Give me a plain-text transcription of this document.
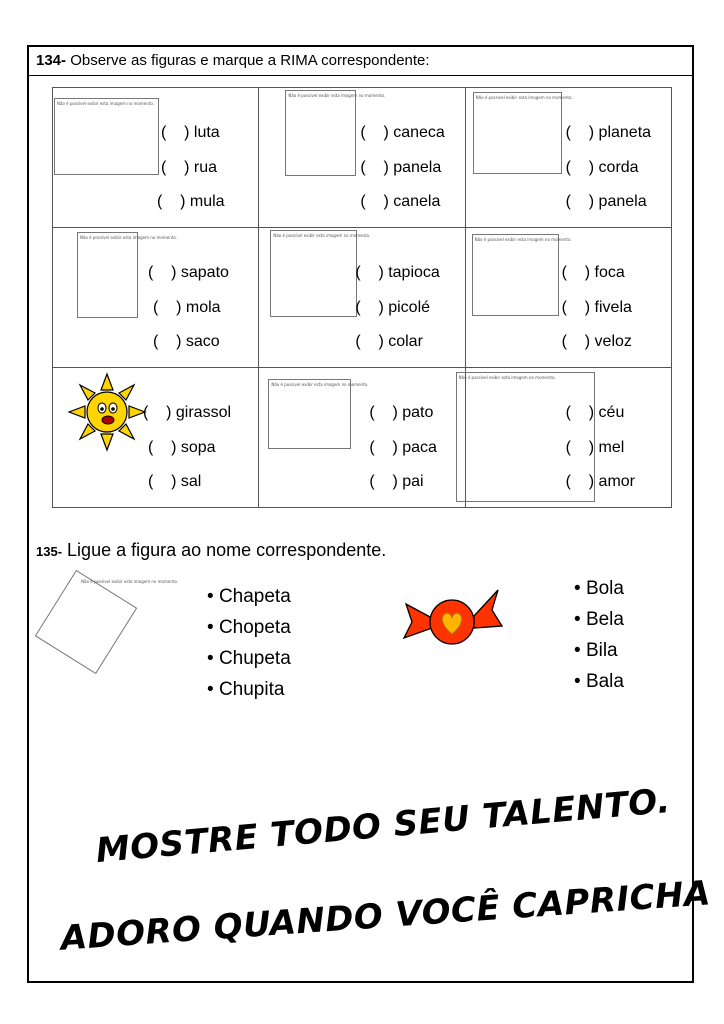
134- Observe as figuras e marque a RIMA correspondente:
Não é possível exibir esta imagem no momento.
(    ) luta
(    ) rua
(    ) mula	Não é possível exibir esta imagem no momento.
(    ) caneca
(    ) panela
(    ) canela	Não é possível exibir esta imagem no momento.
(    ) planeta
(    ) corda
(    ) panela

Não é possível exibir esta imagem no momento.
(    ) sapato
(    ) mola
(    ) saco	Não é possível exibir esta imagem no momento.
(    ) tapioca
(    ) picolé
(    ) colar	Não é possível exibir esta imagem no momento.
(    ) foca
(    ) fivela
(    ) veloz

(    ) girassol
(    ) sopa
(    ) sal	Não é possível exibir esta imagem no momento.
(    ) pato
(    ) paca
(    ) pai	Não é possível exibir esta imagem no momento.
(    ) céu
(    ) mel
(    ) amor
135- Ligue a figura ao nome correspondente.
Não é possível exibir esta imagem no momento.
• Chapeta
• Chopeta
• Chupeta
• Chupita
• Bola
• Bela
• Bila
• Bala
MOSTRE TODO SEU TALENTO.
ADORO QUANDO VOCÊ CAPRICHA
